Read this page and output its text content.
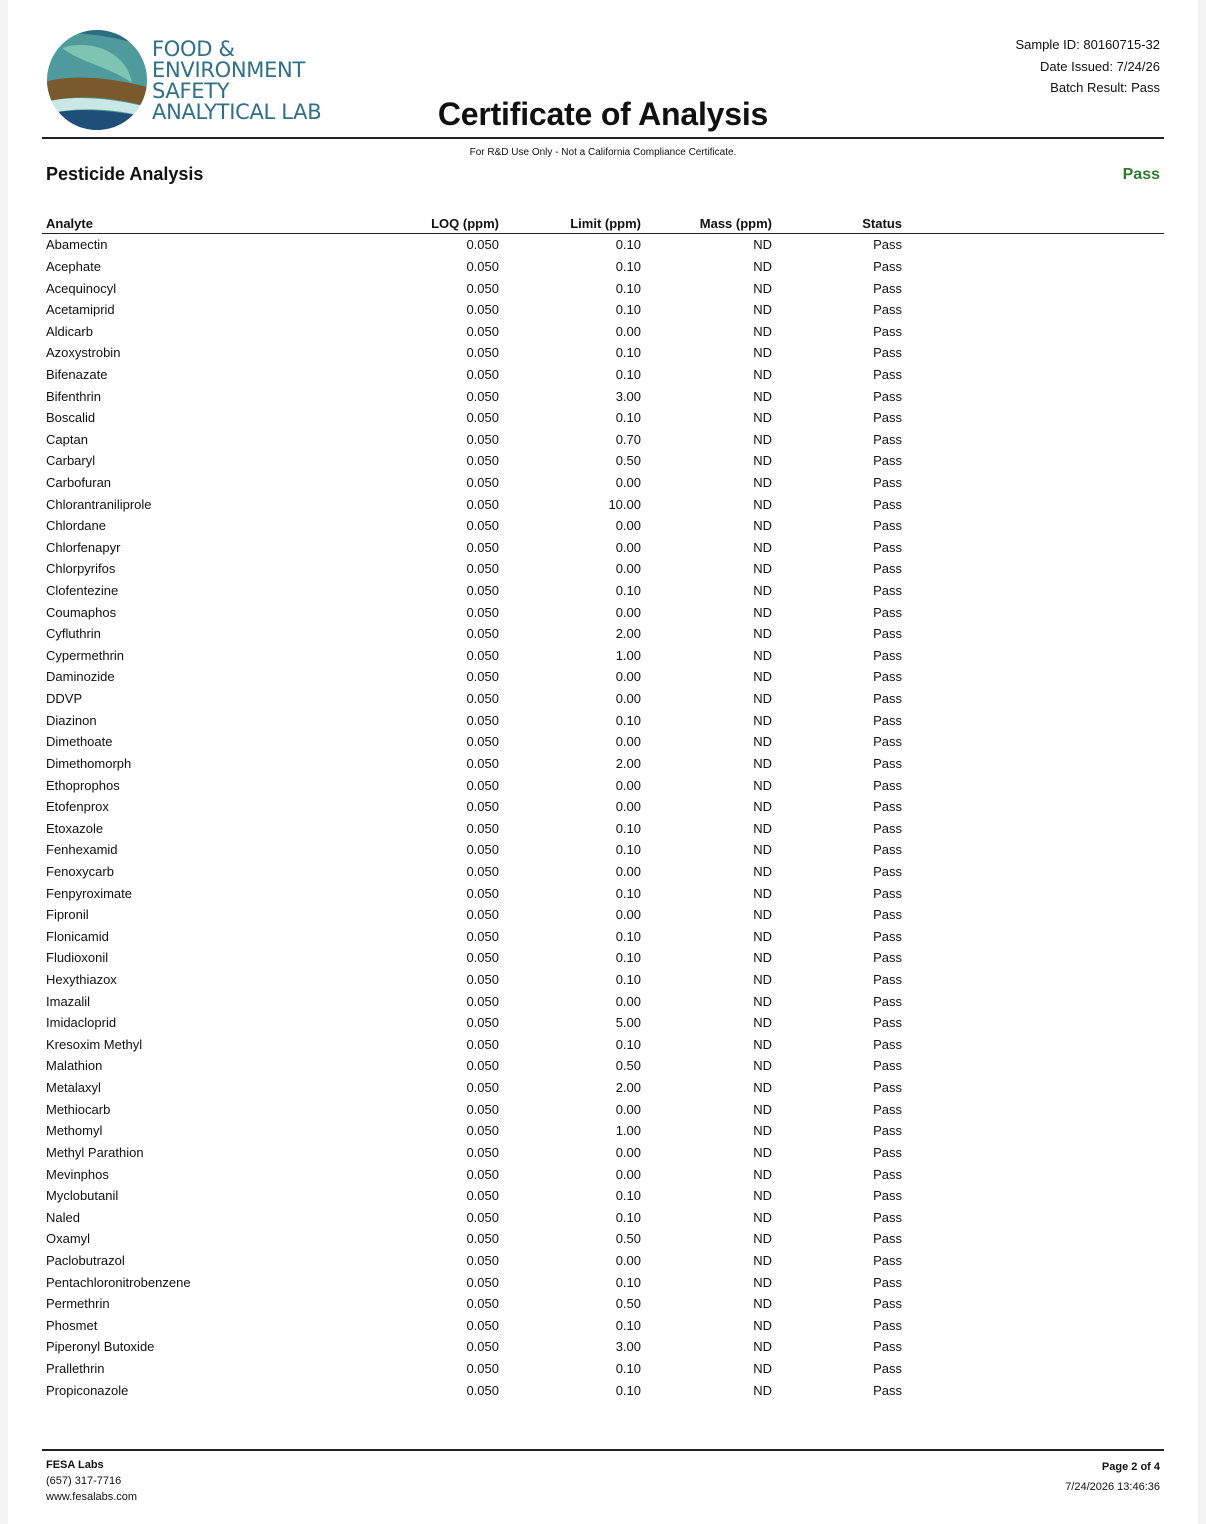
FOOD &
ENVIRONMENT
SAFETY
ANALYTICAL LAB
Sample ID: 80160715-32
Date Issued: 7/24/26
Batch Result: Pass
Certificate of Analysis
For R&D Use Only - Not a California Compliance Certificate.
Pesticide Analysis	Pass
Analyte	LOQ (ppm)	Limit (ppm)	Mass (ppm)	Status	
Abamectin	0.050	0.10	ND	Pass	
Acephate	0.050	0.10	ND	Pass	
Acequinocyl	0.050	0.10	ND	Pass	
Acetamiprid	0.050	0.10	ND	Pass	
Aldicarb	0.050	0.00	ND	Pass	
Azoxystrobin	0.050	0.10	ND	Pass	
Bifenazate	0.050	0.10	ND	Pass	
Bifenthrin	0.050	3.00	ND	Pass	
Boscalid	0.050	0.10	ND	Pass	
Captan	0.050	0.70	ND	Pass	
Carbaryl	0.050	0.50	ND	Pass	
Carbofuran	0.050	0.00	ND	Pass	
Chlorantraniliprole	0.050	10.00	ND	Pass	
Chlordane	0.050	0.00	ND	Pass	
Chlorfenapyr	0.050	0.00	ND	Pass	
Chlorpyrifos	0.050	0.00	ND	Pass	
Clofentezine	0.050	0.10	ND	Pass	
Coumaphos	0.050	0.00	ND	Pass	
Cyfluthrin	0.050	2.00	ND	Pass	
Cypermethrin	0.050	1.00	ND	Pass	
Daminozide	0.050	0.00	ND	Pass	
DDVP	0.050	0.00	ND	Pass	
Diazinon	0.050	0.10	ND	Pass	
Dimethoate	0.050	0.00	ND	Pass	
Dimethomorph	0.050	2.00	ND	Pass	
Ethoprophos	0.050	0.00	ND	Pass	
Etofenprox	0.050	0.00	ND	Pass	
Etoxazole	0.050	0.10	ND	Pass	
Fenhexamid	0.050	0.10	ND	Pass	
Fenoxycarb	0.050	0.00	ND	Pass	
Fenpyroximate	0.050	0.10	ND	Pass	
Fipronil	0.050	0.00	ND	Pass	
Flonicamid	0.050	0.10	ND	Pass	
Fludioxonil	0.050	0.10	ND	Pass	
Hexythiazox	0.050	0.10	ND	Pass	
Imazalil	0.050	0.00	ND	Pass	
Imidacloprid	0.050	5.00	ND	Pass	
Kresoxim Methyl	0.050	0.10	ND	Pass	
Malathion	0.050	0.50	ND	Pass	
Metalaxyl	0.050	2.00	ND	Pass	
Methiocarb	0.050	0.00	ND	Pass	
Methomyl	0.050	1.00	ND	Pass	
Methyl Parathion	0.050	0.00	ND	Pass	
Mevinphos	0.050	0.00	ND	Pass	
Myclobutanil	0.050	0.10	ND	Pass	
Naled	0.050	0.10	ND	Pass	
Oxamyl	0.050	0.50	ND	Pass	
Paclobutrazol	0.050	0.00	ND	Pass	
Pentachloronitrobenzene	0.050	0.10	ND	Pass	
Permethrin	0.050	0.50	ND	Pass	
Phosmet	0.050	0.10	ND	Pass	
Piperonyl Butoxide	0.050	3.00	ND	Pass	
Prallethrin	0.050	0.10	ND	Pass	
Propiconazole	0.050	0.10	ND	Pass	
FESA Labs
(657) 317-7716
www.fesalabs.com
Page 2 of 4
7/24/2026 13:46:36
